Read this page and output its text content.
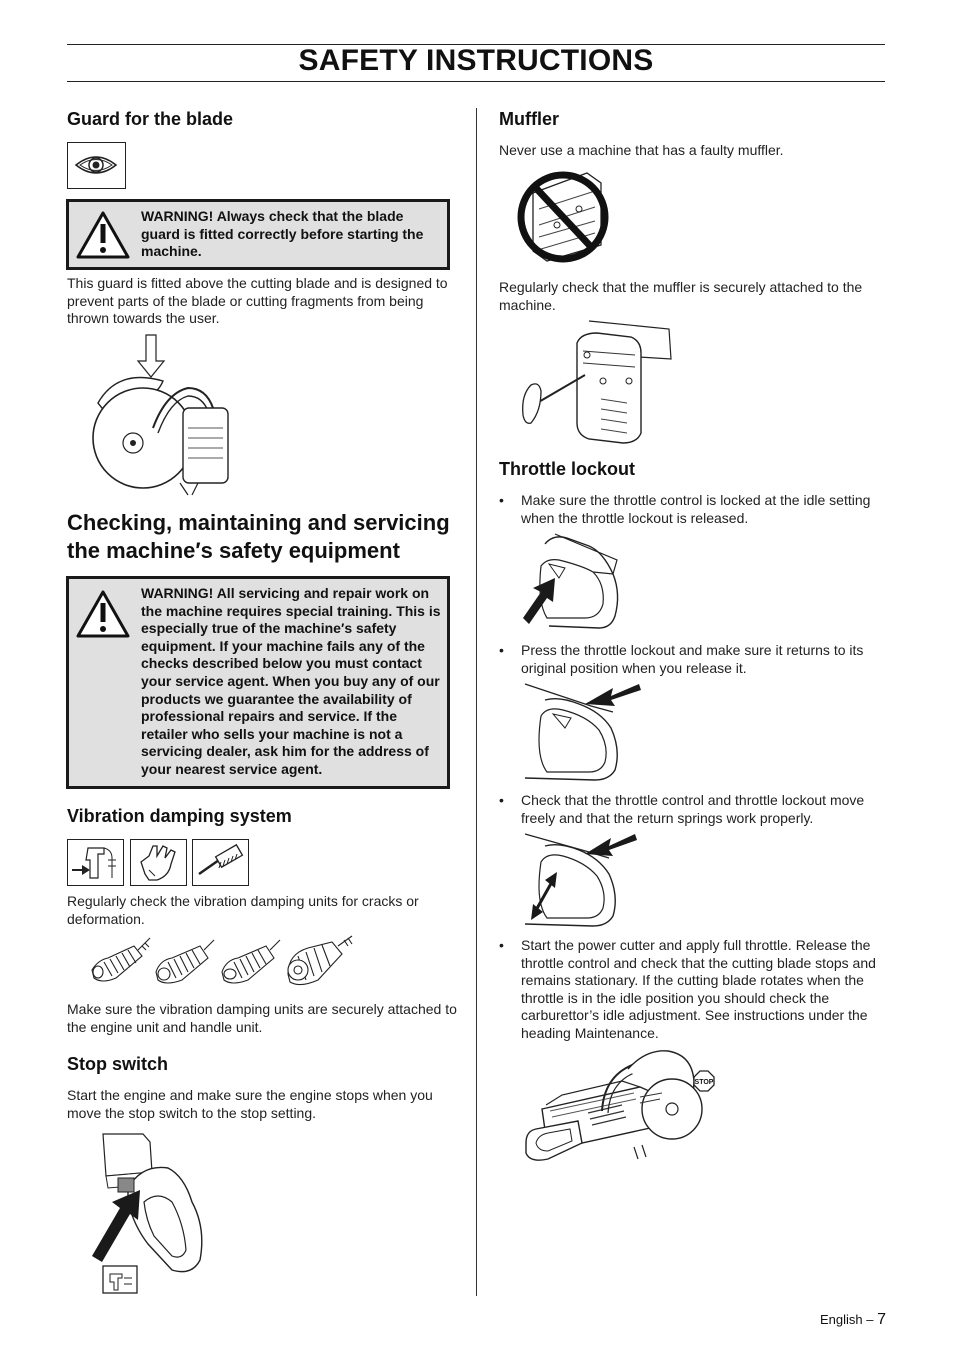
SAFETY INSTRUCTIONS
Guard for the blade

WARNING! Always check that the blade guard is fitted correctly before starting the machine.

This guard is fitted above the cutting blade and is designed to prevent parts of the blade or cutting fragments from being thrown towards the user.

Checking, maintaining and servicing
the machine′s safety equipment

WARNING! All servicing and repair work on the machine requires special training. This is especially true of the machine′s safety equipment. If your machine fails any of the checks described below you must contact your service agent. When you buy any of our products we guarantee the availability of professional repairs and service. If the retailer who sells your machine is not a servicing dealer, ask him for the address of your nearest service agent.

Vibration damping system

Regularly check the vibration damping units for cracks or deformation.

Make sure the vibration damping units are securely attached to the engine unit and handle unit.

Stop switch

Start the engine and make sure the engine stops when you move the stop switch to the stop setting.

Muffler

Never use a machine that has a faulty muffler.

Regularly check that the muffler is securely attached to the machine.

Throttle lockout
• Make sure the throttle control is locked at the idle setting when the throttle lockout is released.

• Press the throttle lockout and make sure it returns to its original position when you release it.

• Check that the throttle control and throttle lockout move freely and that the return springs work properly.

• Start the power cutter and apply full throttle. Release the throttle control and check that the cutting blade stops and remains stationary. If the cutting blade rotates when the throttle is in the idle position you should check the carburettor’s idle adjustment. See instructions under the heading Maintenance.

STOP
English – 7
